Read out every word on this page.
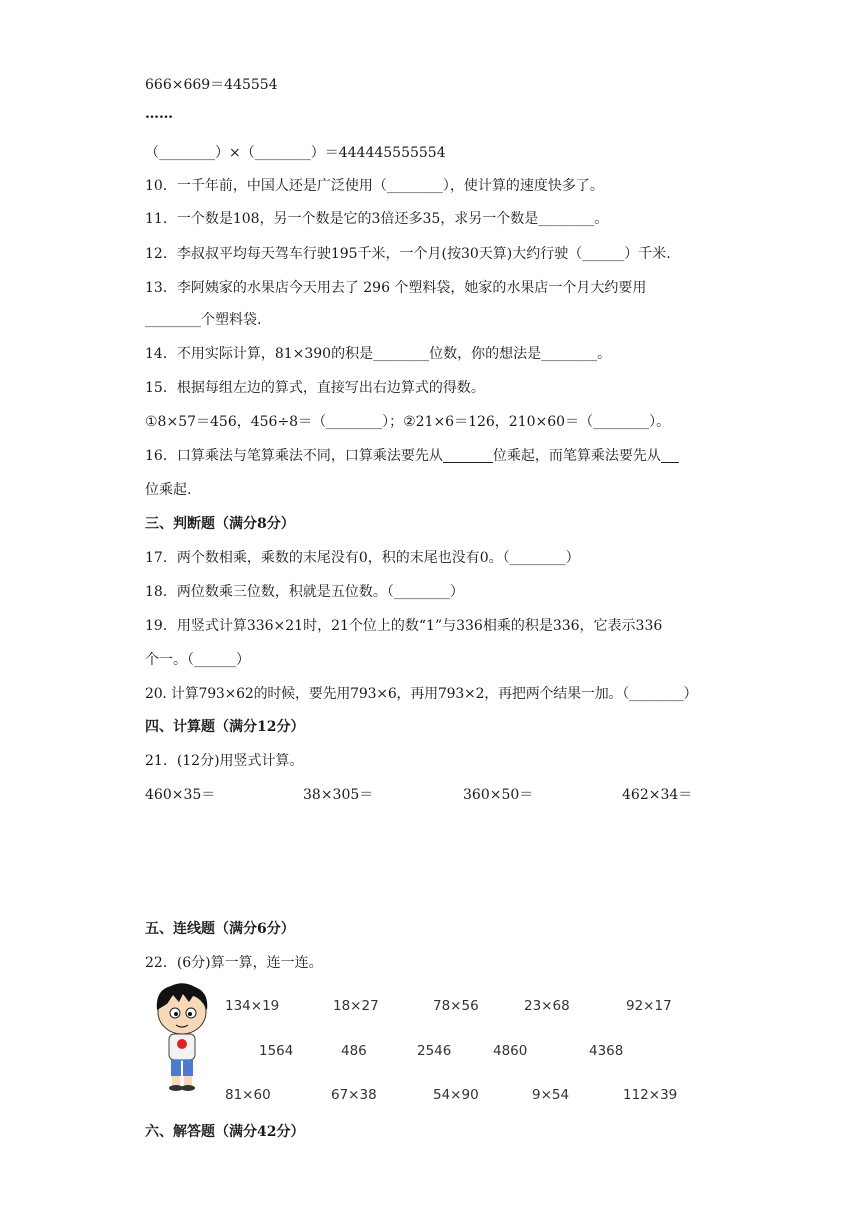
666×669＝445554
……
（________）×（________）＝444445555554
10．一千年前，中国人还是广泛使用（________），使计算的速度快多了。
11．一个数是108，另一个数是它的3倍还多35，求另一个数是________。
12．李叔叔平均每天驾车行驶195千米，一个月(按30天算)大约行驶（______）千米.
13．李阿姨家的水果店今天用去了 296 个塑料袋，她家的水果店一个月大约要用
________个塑料袋.
14．不用实际计算，81×390的积是________位数，你的想法是________。
15．根据每组左边的算式，直接写出右边算式的得数。
①8×57＝456，456÷8＝（________）；②21×6＝126，210×60＝（________）。
16．口算乘法与笔算乘法不同，口算乘法要先从	位乘起，而笔算乘法要先从
位乘起.
三、判断题（满分8分）
17．两个数相乘，乘数的末尾没有0，积的末尾也没有0。（________）
18．两位数乘三位数，积就是五位数。（________）
19．用竖式计算336×21时，21个位上的数“1”与336相乘的积是336，它表示336
个一。（______）
20. 计算793×62的时候，要先用793×6，再用793×2，再把两个结果一加。（________）
四、计算题（满分12分）
21．(12分)用竖式计算。
460×35＝	38×305＝	360×50＝	462×34＝
五、连线题（满分6分）
22．(6分)算一算，连一连。
134×19	18×27	78×56	23×68	92×17
1564	486	2546	4860	4368
81×60	67×38	54×90	9×54	112×39
六、解答题（满分42分）
